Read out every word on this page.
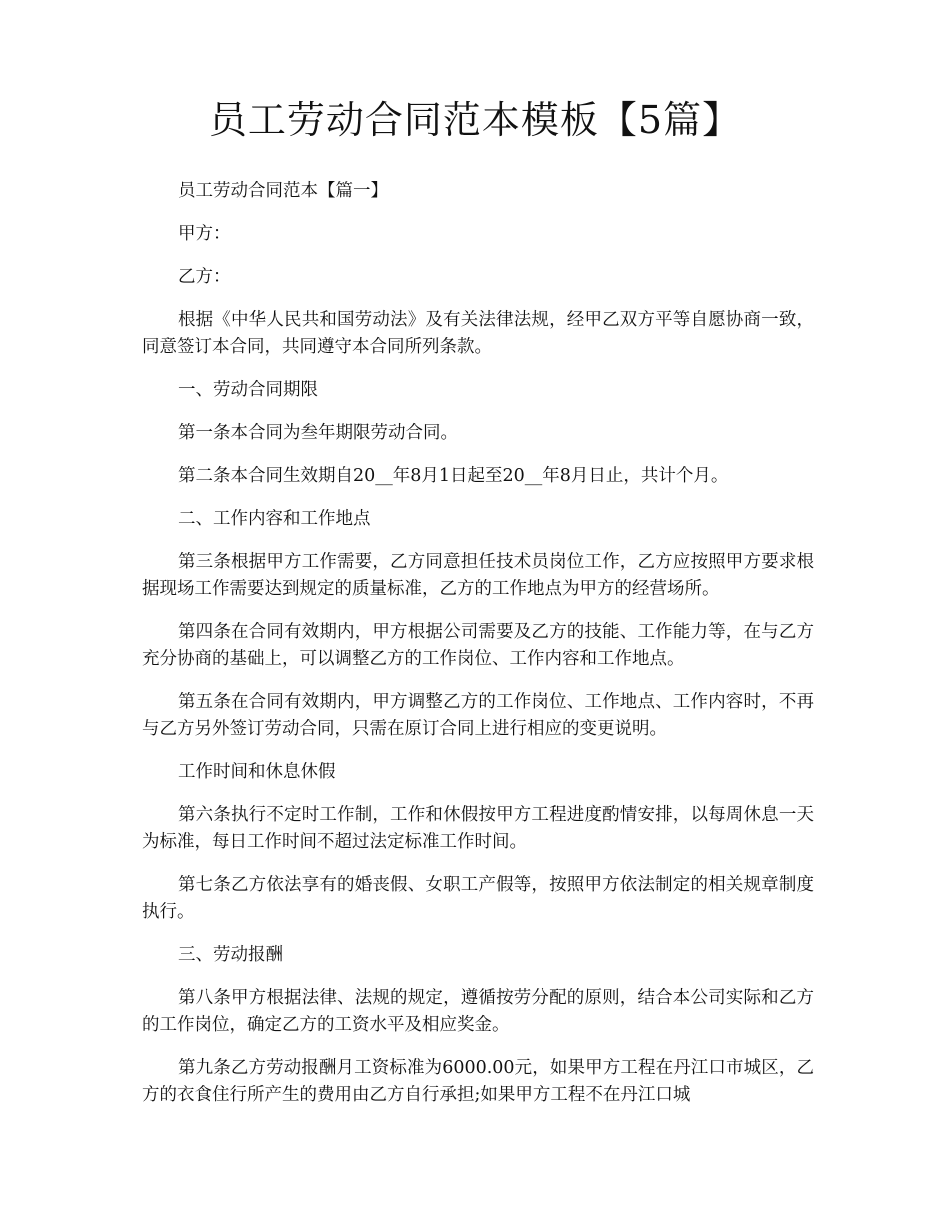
员工劳动合同范本模板【5篇】

员工劳动合同范本【篇一】

甲方：

乙方：

根据《中华人民共和国劳动法》及有关法律法规，经甲乙双方平等自愿协商一致，同意签订本合同，共同遵守本合同所列条款。

一、劳动合同期限

第一条本合同为叁年期限劳动合同。

第二条本合同生效期自20__年8月1日起至20__年8月日止，共计个月。

二、工作内容和工作地点

第三条根据甲方工作需要，乙方同意担任技术员岗位工作，乙方应按照甲方要求根据现场工作需要达到规定的质量标准，乙方的工作地点为甲方的经营场所。

第四条在合同有效期内，甲方根据公司需要及乙方的技能、工作能力等，在与乙方充分协商的基础上，可以调整乙方的工作岗位、工作内容和工作地点。

第五条在合同有效期内，甲方调整乙方的工作岗位、工作地点、工作内容时，不再与乙方另外签订劳动合同，只需在原订合同上进行相应的变更说明。

工作时间和休息休假

第六条执行不定时工作制，工作和休假按甲方工程进度酌情安排，以每周休息一天为标准，每日工作时间不超过法定标准工作时间。

第七条乙方依法享有的婚丧假、女职工产假等，按照甲方依法制定的相关规章制度执行。

三、劳动报酬

第八条甲方根据法律、法规的规定，遵循按劳分配的原则，结合本公司实际和乙方的工作岗位，确定乙方的工资水平及相应奖金。

第九条乙方劳动报酬月工资标准为6000.00元，如果甲方工程在丹江口市城区，乙方的衣食住行所产生的费用由乙方自行承担;如果甲方工程不在丹江口城
